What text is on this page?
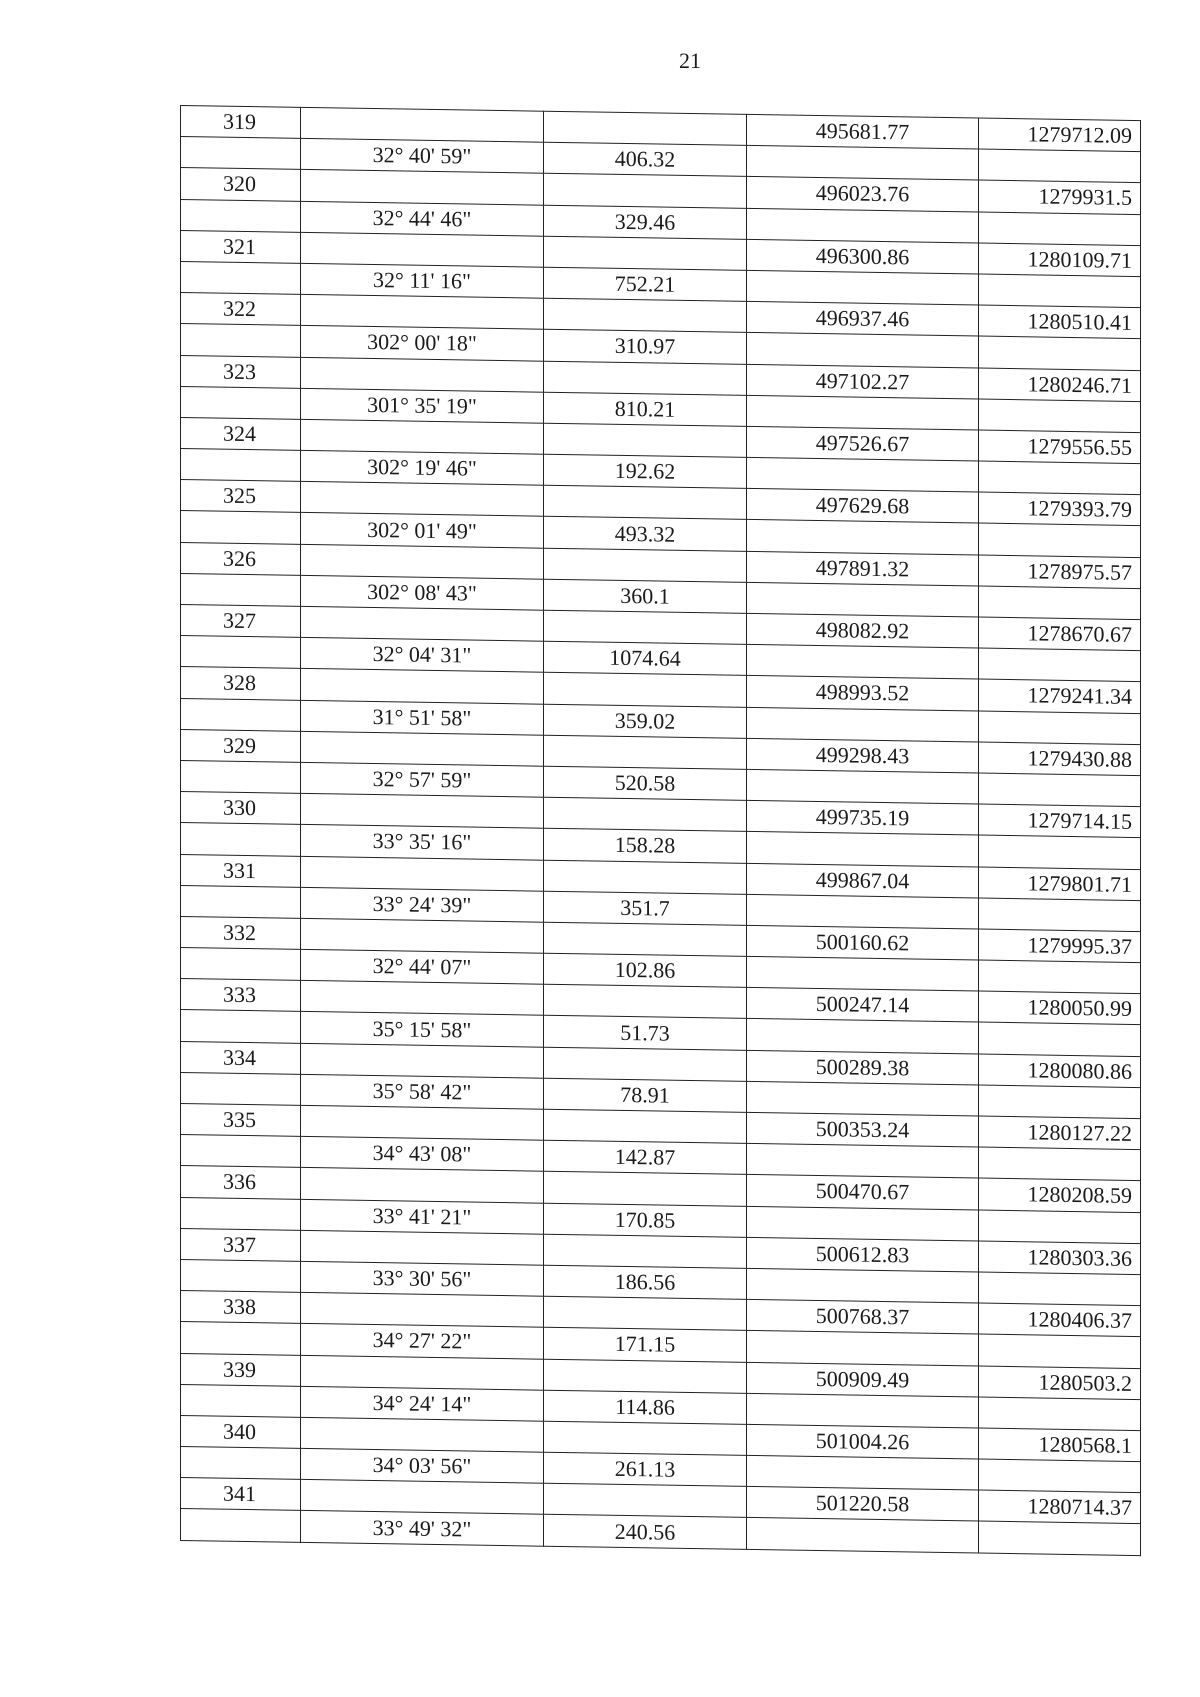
21
319			495681.77	1279712.09
	32° 40' 59"	406.32		
320			496023.76	1279931.5
	32° 44' 46"	329.46		
321			496300.86	1280109.71
	32° 11' 16"	752.21		
322			496937.46	1280510.41
	302° 00' 18"	310.97		
323			497102.27	1280246.71
	301° 35' 19"	810.21		
324			497526.67	1279556.55
	302° 19' 46"	192.62		
325			497629.68	1279393.79
	302° 01' 49"	493.32		
326			497891.32	1278975.57
	302° 08' 43"	360.1		
327			498082.92	1278670.67
	32° 04' 31"	1074.64		
328			498993.52	1279241.34
	31° 51' 58"	359.02		
329			499298.43	1279430.88
	32° 57' 59"	520.58		
330			499735.19	1279714.15
	33° 35' 16"	158.28		
331			499867.04	1279801.71
	33° 24' 39"	351.7		
332			500160.62	1279995.37
	32° 44' 07"	102.86		
333			500247.14	1280050.99
	35° 15' 58"	51.73		
334			500289.38	1280080.86
	35° 58' 42"	78.91		
335			500353.24	1280127.22
	34° 43' 08"	142.87		
336			500470.67	1280208.59
	33° 41' 21"	170.85		
337			500612.83	1280303.36
	33° 30' 56"	186.56		
338			500768.37	1280406.37
	34° 27' 22"	171.15		
339			500909.49	1280503.2
	34° 24' 14"	114.86		
340			501004.26	1280568.1
	34° 03' 56"	261.13		
341			501220.58	1280714.37
	33° 49' 32"	240.56		
